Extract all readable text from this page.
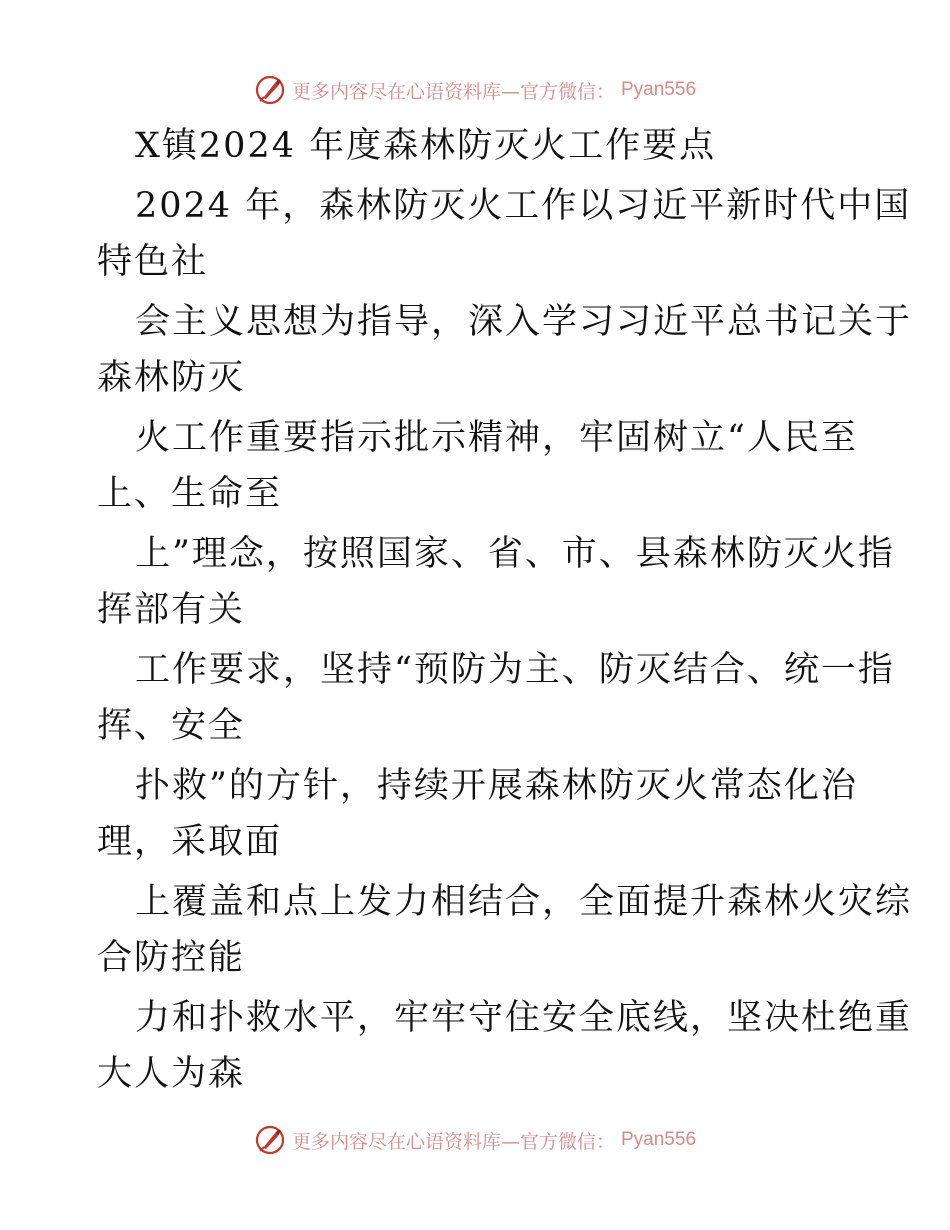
更多内容尽在心语资料库—官方微信： Pyan556
X镇2024 年度森林防灭火工作要点
2024 年，森林防灭火工作以习近平新时代中国
特色社
会主义思想为指导，深入学习习近平总书记关于
森林防灭
火工作重要指示批示精神，牢固树立“人民至
上、生命至
上”理念，按照国家、省、市、县森林防灭火指
挥部有关
工作要求，坚持“预防为主、防灭结合、统一指
挥、安全
扑救”的方针，持续开展森林防灭火常态化治
理，采取面
上覆盖和点上发力相结合，全面提升森林火灾综
合防控能
力和扑救水平，牢牢守住安全底线，坚决杜绝重
大人为森
更多内容尽在心语资料库—官方微信： Pyan556
